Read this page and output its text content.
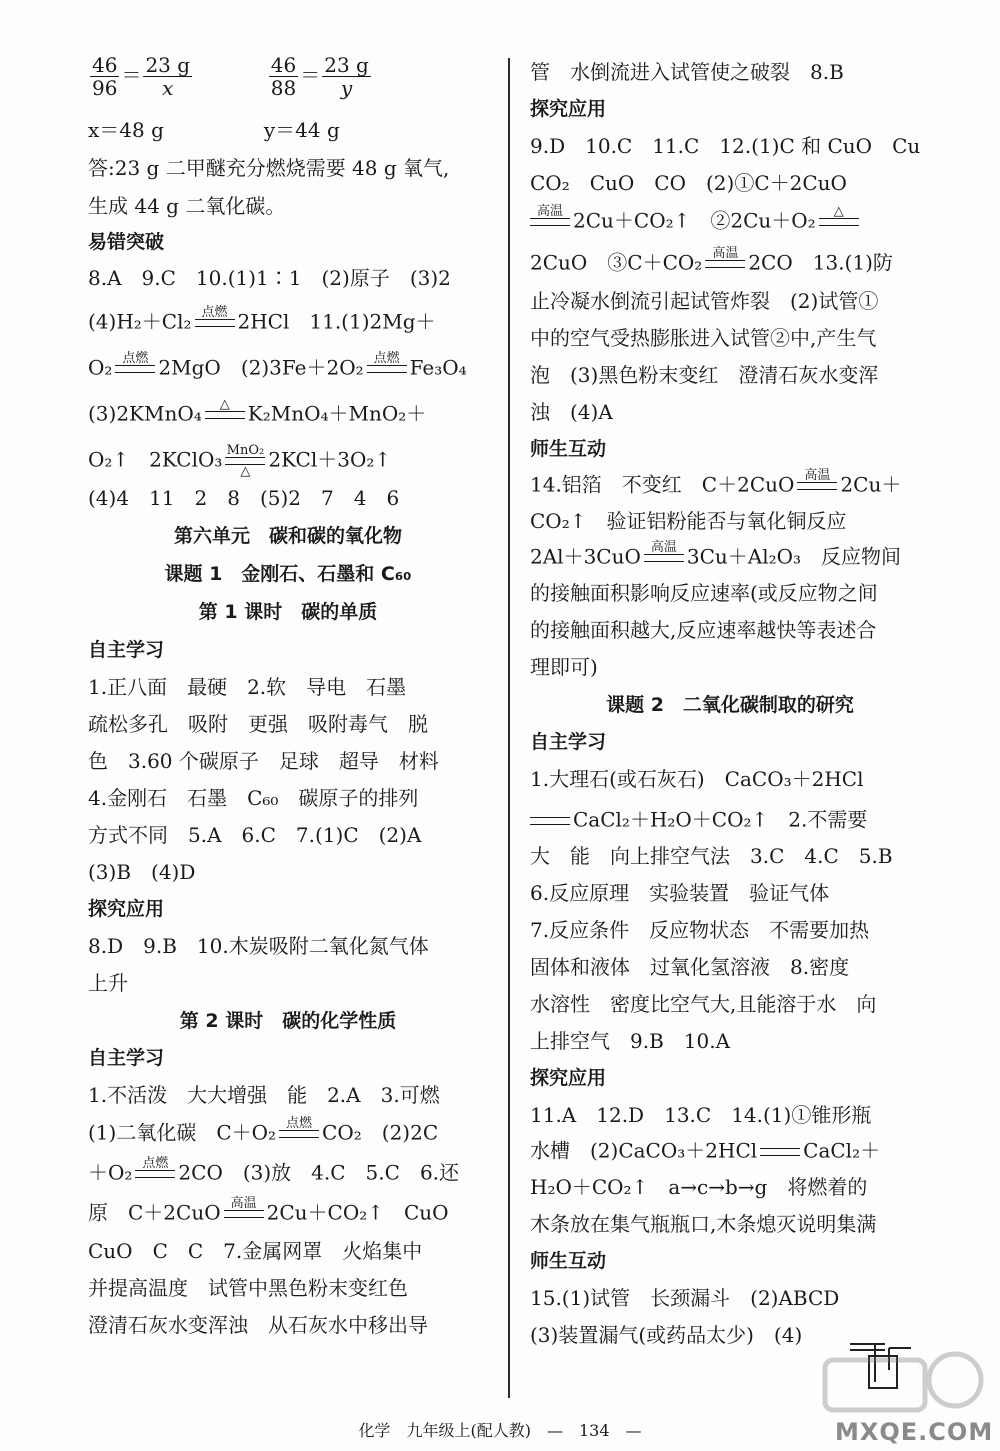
$\frac{46}{96} = \frac{23 g}{x}$
	$\frac{46}{88} = \frac{23 g}{y}$
x＝48 g　　　　　y＝44 g
答:23 g 二甲醚充分燃烧需要 48 g 氧气,
生成 44 g 二氧化碳。
易错突破
8.A　9.C　10.(1)1∶1　(2)原子　(3)2
(4)H₂＋Cl₂ 点燃 2HCl　11.(1)2Mg＋
O₂ 点燃 2MgO　(2)3Fe＋2O₂ 点燃 Fe₃O₄
(3)2KMnO₄	△ K₂MnO₄＋MnO₂＋
O₂↑　2KClO₃ MnO₂
△ 2KCl＋3O₂↑
(4)4　11　2　8　(5)2　7　4　6
第六单元　碳和碳的氧化物
课题 1　金刚石、石墨和 C₆₀
第 1 课时　碳的单质
自主学习
1.正八面　最硬　2.软　导电　石墨
疏松多孔　吸附　更强　吸附毒气　脱
色　3.60 个碳原子　足球　超导　材料
4.金刚石　石墨　C₆₀　碳原子的排列
方式不同　5.A　6.C　7.(1)C　(2)A
(3)B　(4)D
探究应用
8.D　9.B　10.木炭吸附二氧化氮气体
上升
第 2 课时　碳的化学性质
自主学习
1.不活泼　大大增强　能　2.A　3.可燃
(1)二氧化碳　C＋O₂ 点燃 CO₂　(2)2C
＋O₂ 点燃 2CO　(3)放　4.C　5.C　6.还
原　C＋2CuO 高温 2Cu＋CO₂↑　CuO
CuO　C　C　7.金属网罩　火焰集中
并提高温度　试管中黑色粉末变红色
澄清石灰水变浑浊　从石灰水中移出导
管　水倒流进入试管使之破裂　8.B
探究应用
9.D　10.C　11.C　12.(1)C 和 CuO　Cu
CO₂　CuO　CO　(2)①C＋2CuO
高温 2Cu＋CO₂↑　②2Cu＋O₂	△
2CuO　③C＋CO₂ 高温 2CO　13.(1)防
止冷凝水倒流引起试管炸裂　(2)试管①
中的空气受热膨胀进入试管②中,产生气
泡　(3)黑色粉末变红　澄清石灰水变浑
浊　(4)A
师生互动
14.铝箔　不变红　C＋2CuO 高温 2Cu＋
CO₂↑　验证铝粉能否与氧化铜反应
2Al＋3CuO 高温 3Cu＋Al₂O₃　反应物间
的接触面积影响反应速率(或反应物之间
的接触面积越大,反应速率越快等表述合
理即可)
课题 2　二氧化碳制取的研究
自主学习
1.大理石(或石灰石)　CaCO₃＋2HCl
CaCl₂＋H₂O＋CO₂↑　2.不需要
大　能　向上排空气法　3.C　4.C　5.B
6.反应原理　实验装置　验证气体
7.反应条件　反应物状态　不需要加热
固体和液体　过氧化氢溶液　8.密度
水溶性　密度比空气大,且能溶于水　向
上排空气　9.B　10.A
探究应用
11.A　12.D　13.C　14.(1)①锥形瓶
水槽　(2)CaCO₃＋2HCl CaCl₂＋
H₂O＋CO₂↑　a→c→b→g　将燃着的
木条放在集气瓶瓶口,木条熄灭说明集满
师生互动
15.(1)试管　长颈漏斗　(2)ABCD
(3)装置漏气(或药品太少)　(4)
MXQE.COM
化学　九年级上(配人教)　—　134　—
